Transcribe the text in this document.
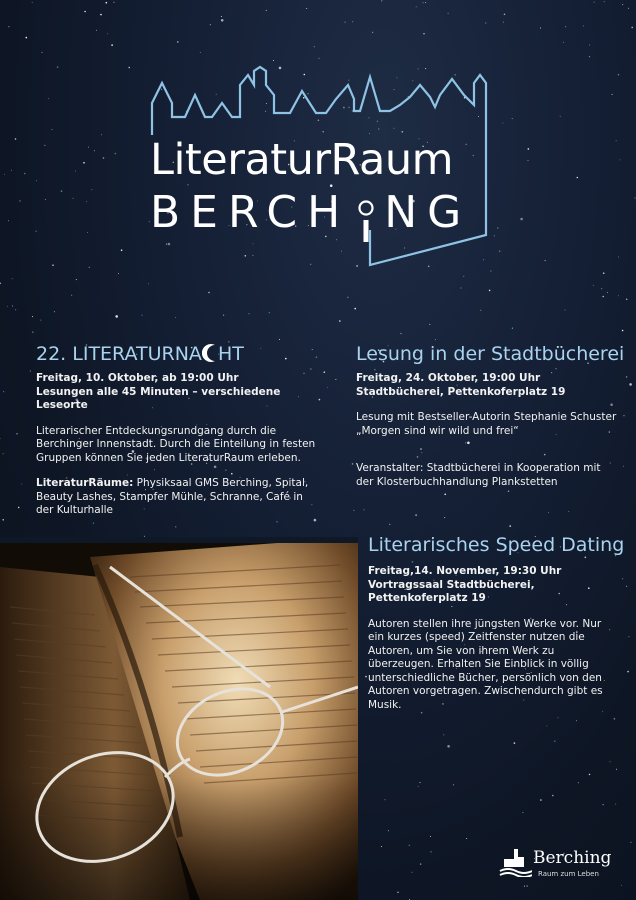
LiteraturRaum
BERCH NG
22. LITERATURNA HT

Freitag, 10. Oktober, ab 19:00 Uhr
Lesungen alle 45 Minuten – verschiedene Leseorte

Literarischer Entdeckungsrundgang durch die Berchinger Innenstadt. Durch die Einteilung in festen Gruppen können Sie jeden LiteraturRaum erleben.

LiteraturRäume: Physiksaal GMS Berching, Spital, Beauty Lashes, Stampfer Mühle, Schranne, Café in der Kulturhalle

Lesung in der Stadtbücherei

Freitag, 24. Oktober, 19:00 Uhr
Stadtbücherei, Pettenkoferplatz 19

Lesung mit Bestseller-Autorin Stephanie Schuster
„Morgen sind wir wild und frei“

Veranstalter: Stadtbücherei in Kooperation mit der Klosterbuchhandlung Plankstetten

Literarisches Speed Dating

Freitag,14. November, 19:30 Uhr
Vortragssaal Stadtbücherei, Pettenkoferplatz 19

Autoren stellen ihre jüngsten Werke vor. Nur ein kurzes (speed) Zeitfenster nutzen die Autoren, um Sie von ihrem Werk zu überzeugen. Erhalten Sie Einblick in völlig unterschiedliche Bücher, persönlich von den Autoren vorgetragen. Zwischendurch gibt es Musik.

Berching
Raum zum Leben
